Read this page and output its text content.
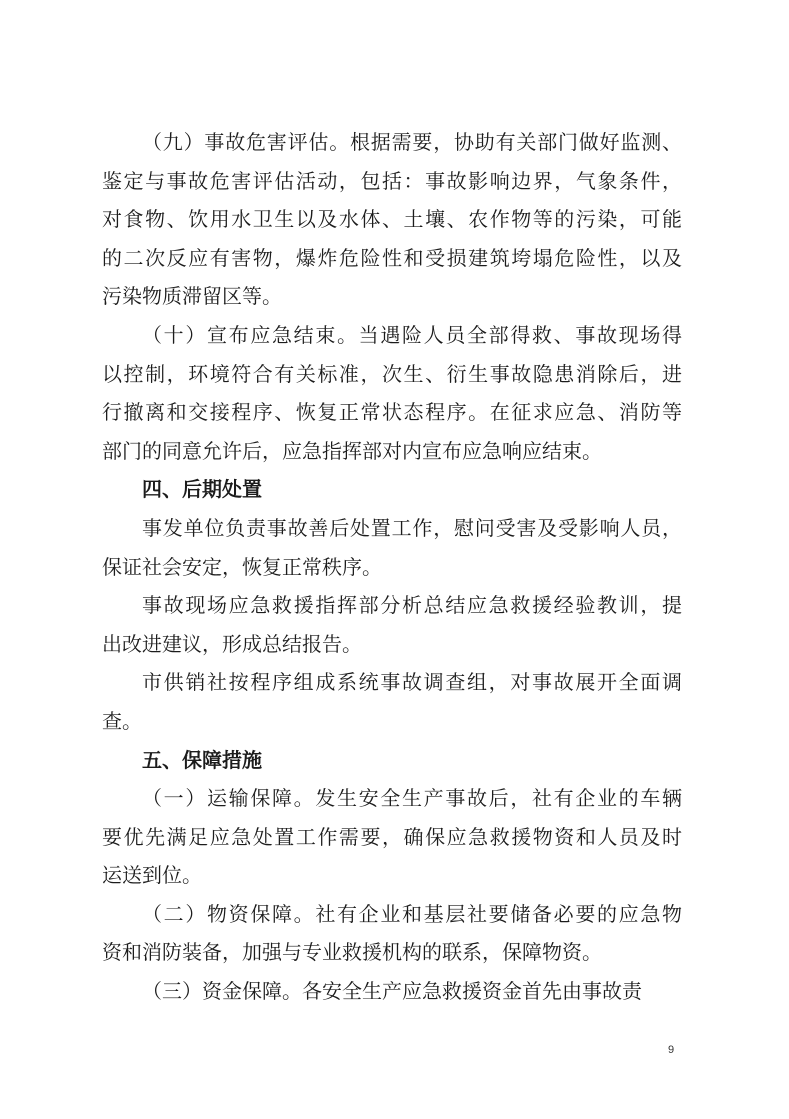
（九）事故危害评估。根据需要，协助有关部门做好监测、
鉴定与事故危害评估活动，包括：事故影响边界，气象条件，
对食物、饮用水卫生以及水体、土壤、农作物等的污染，可能
的二次反应有害物，爆炸危险性和受损建筑垮塌危险性，以及
污染物质滞留区等。
（十）宣布应急结束。当遇险人员全部得救、事故现场得
以控制，环境符合有关标准，次生、衍生事故隐患消除后，进
行撤离和交接程序、恢复正常状态程序。在征求应急、消防等
部门的同意允许后，应急指挥部对内宣布应急响应结束。
四、后期处置
事发单位负责事故善后处置工作，慰问受害及受影响人员，
保证社会安定，恢复正常秩序。
事故现场应急救援指挥部分析总结应急救援经验教训，提
出改进建议，形成总结报告。
市供销社按程序组成系统事故调查组，对事故展开全面调
查。
五、保障措施
（一）运输保障。发生安全生产事故后，社有企业的车辆
要优先满足应急处置工作需要，确保应急救援物资和人员及时
运送到位。
（二）物资保障。社有企业和基层社要储备必要的应急物
资和消防装备，加强与专业救援机构的联系，保障物资。
（三）资金保障。各安全生产应急救援资金首先由事故责
9
